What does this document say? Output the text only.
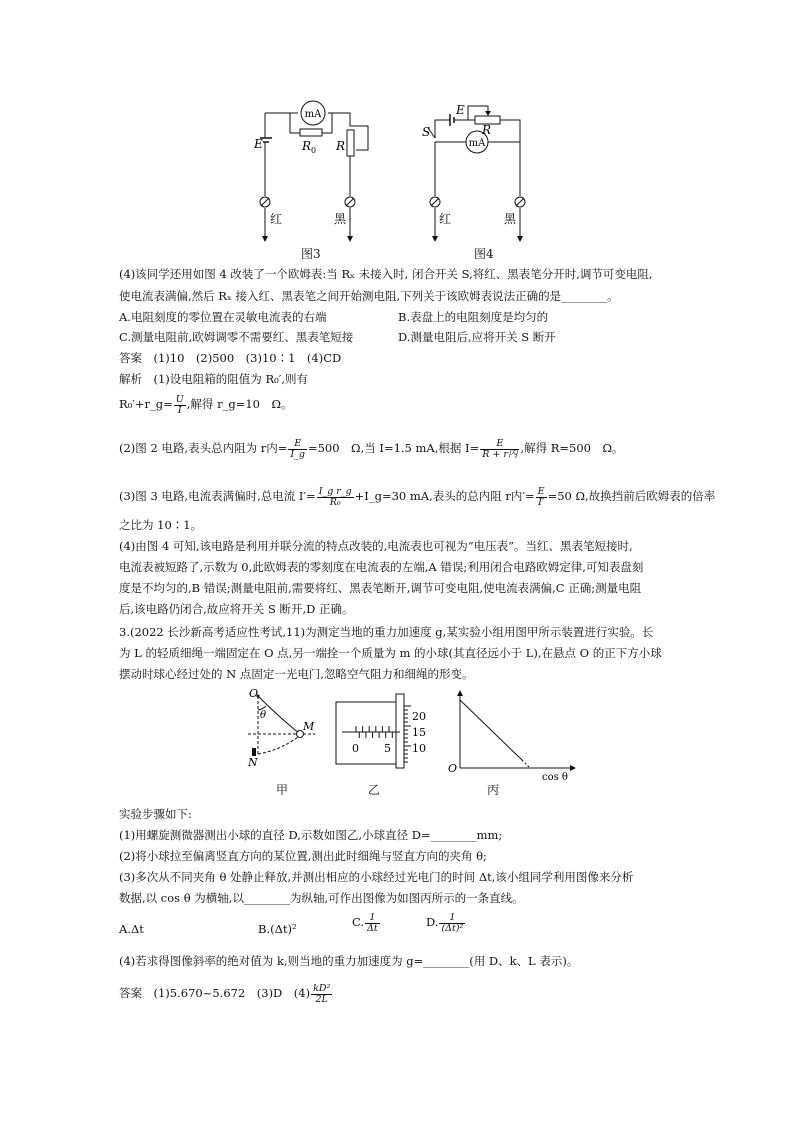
mA
E	R 0 R
红	黑
图3
mA
E
S	R
红	黑
图4
(4)该同学还用如图 4 改装了一个欧姆表:当 Rₓ 未接入时, 闭合开关 S,将红、黑表笔分开时,调节可变电阻,
使电流表满偏,然后 Rₓ 接入红、黑表笔之间开始测电阻,下列关于该欧姆表说法正确的是________。
A.电阻刻度的零位置在灵敏电流表的右端	B.表盘上的电阻刻度是均匀的
C.测量电阻前,欧姆调零不需要红、黑表笔短接	D.测量电阻后,应将开关 S 断开
答案　(1)10　(2)500　(3)10∶1　(4)CD
解析　(1)设电阻箱的阻值为 R₀′,则有
R₀′+r_g= $\frac{U}{I}$ ,解得 r_g=10　Ω。
(2)图 2 电路,表头总内阻为 r内= $\frac{E}{I\_g} =500$　Ω,当 I=1.5 mA,根据 $I= \frac{E}{\text{R + r内}}$ ,解得 R=500　Ω。
(3)图 3 电路,电流表满偏时,总电流 $I'= \frac{\text{I\_g r\_g}}{\text{R₀}}$ +I_g=30 mA,表头的总内阻 r内′= $\frac{E}{I'} =50$ Ω,故换挡前后欧姆表的倍率
之比为 10∶1。
(4)由图 4 可知,该电路是利用并联分流的特点改装的,电流表也可视为“电压表”。当红、黑表笔短接时,
电流表被短路了,示数为 0,此欧姆表的零刻度在电流表的左端,A 错误;利用闭合电路欧姆定律,可知表盘刻
度是不均匀的,B 错误;测量电阻前,需要将红、黑表笔断开,调节可变电阻,使电流表满偏,C 正确;测量电阻
后,该电路仍闭合,故应将开关 S 断开,D 正确。
3.(2022 长沙新高考适应性考试,11)为测定当地的重力加速度 g,某实验小组用图甲所示装置进行实验。长
为 L 的轻质细绳一端固定在 O 点,另一端拴一个质量为 m 的小球(其直径远小于 L),在悬点 O 的正下方小球
摆动时球心经过处的 N 点固定一光电门,忽略空气阻力和细绳的形变。
O
θ
M
N
甲
20
15
10
0 5
乙
O
cos θ
丙
实验步骤如下:
(1)用螺旋测微器测出小球的直径 D,示数如图乙,小球直径 D=________mm;
(2)将小球拉至偏离竖直方向的某位置,测出此时细绳与竖直方向的夹角 θ;
(3)多次从不同夹角 θ 处静止释放,并测出相应的小球经过光电门的时间 Δt,该小组同学利用图像来分析
数据,以 cos θ 为横轴,以________为纵轴,可作出图像为如图丙所示的一条直线。
A.Δt	B.(Δt)²	C. $\frac{1}{\Delta t}$	D. $\frac{1}{\text{(Δt)²}}$
(4)若求得图像斜率的绝对值为 k,则当地的重力加速度为 g=________(用 D、k、L 表示)。
答案　(1)5.670~5.672　(3)D　$(4) \frac{\text{kD²}}{2L}$
